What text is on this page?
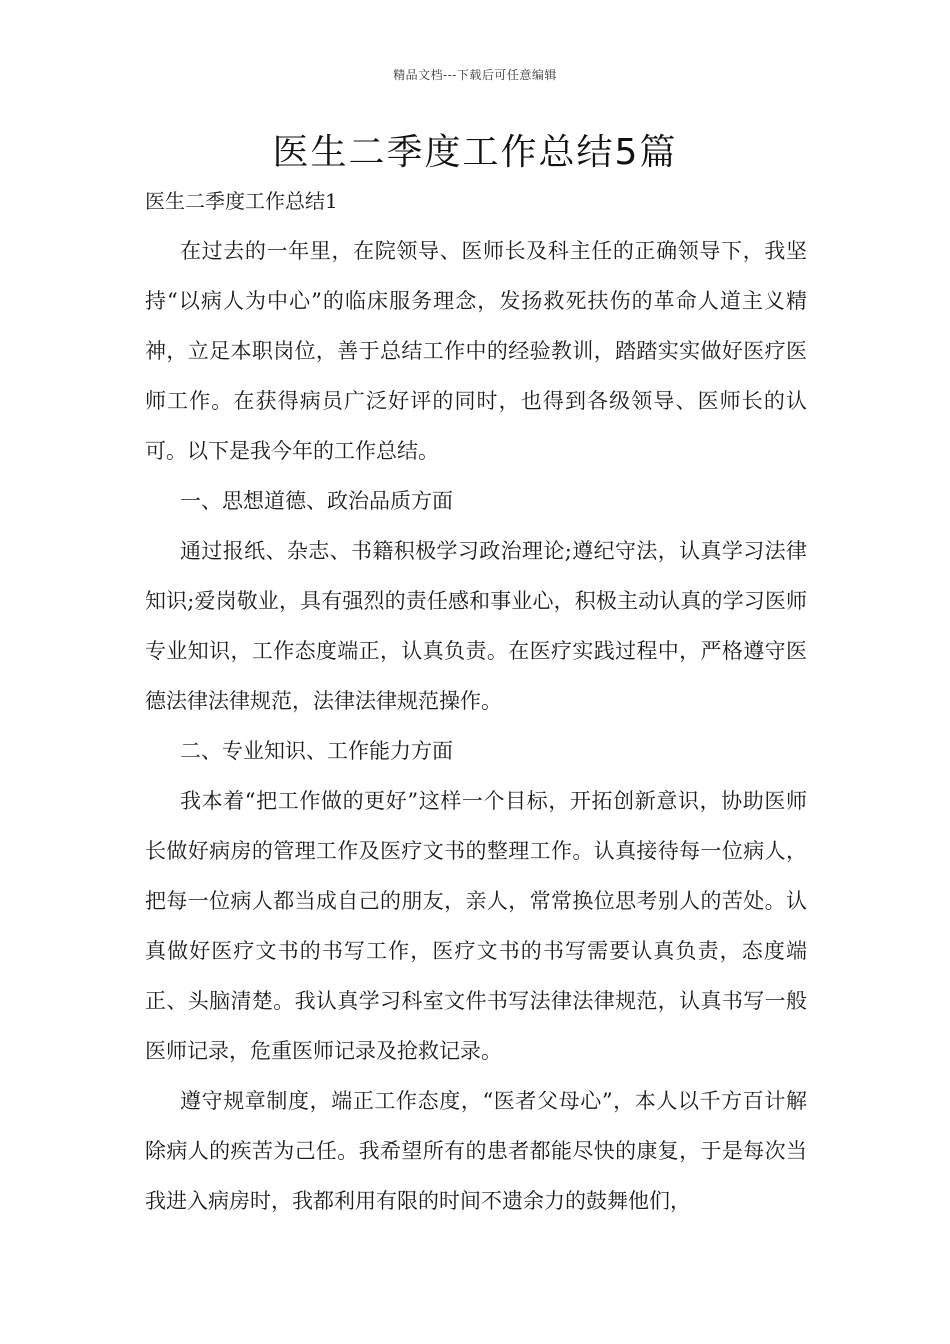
精品文档---下载后可任意编辑
医生二季度工作总结5篇
医生二季度工作总结1

在过去的一年里，在院领导、医师长及科主任的正确领导下，我坚持“以病人为中心”的临床服务理念，发扬救死扶伤的革命人道主义精神，立足本职岗位，善于总结工作中的经验教训，踏踏实实做好医疗医师工作。在获得病员广泛好评的同时，也得到各级领导、医师长的认可。以下是我今年的工作总结。

一、思想道德、政治品质方面

通过报纸、杂志、书籍积极学习政治理论;遵纪守法，认真学习法律知识;爱岗敬业，具有强烈的责任感和事业心，积极主动认真的学习医师专业知识，工作态度端正，认真负责。在医疗实践过程中，严格遵守医德法律法律规范，法律法律规范操作。

二、专业知识、工作能力方面

我本着“把工作做的更好”这样一个目标，开拓创新意识，协助医师长做好病房的管理工作及医疗文书的整理工作。认真接待每一位病人，把每一位病人都当成自己的朋友，亲人，常常换位思考别人的苦处。认真做好医疗文书的书写工作，医疗文书的书写需要认真负责，态度端正、头脑清楚。我认真学习科室文件书写法律法律规范，认真书写一般医师记录，危重医师记录及抢救记录。

遵守规章制度，端正工作态度，“医者父母心”，本人以千方百计解除病人的疾苦为己任。我希望所有的患者都能尽快的康复，于是每次当我进入病房时，我都利用有限的时间不遗余力的鼓舞他们，
